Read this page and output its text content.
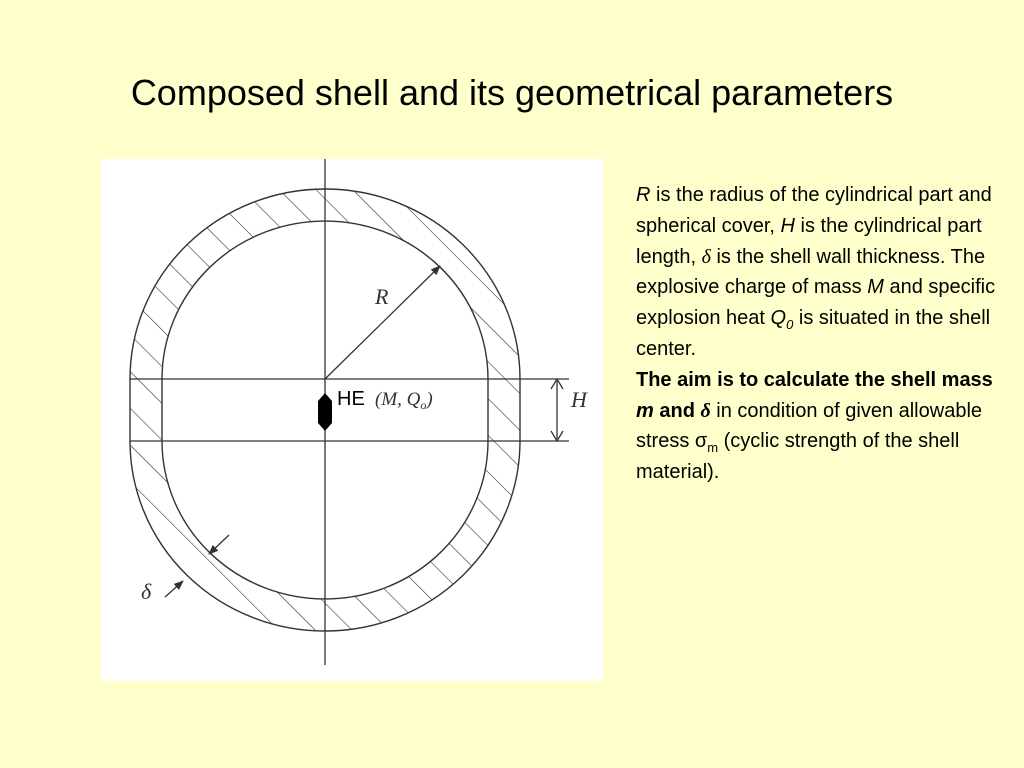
Composed shell and its geometrical parameters
R
H
δ
HE (M, $Q_o$)

R is the radius of the cylindrical part and spherical cover, H is the cylindrical part length, δ is the shell wall thickness. The explosive charge of mass M and specific explosion heat $Q_0$ is situated in the shell center.

The aim is to calculate the shell mass m and δ in condition of given allowable stress $\sigma_m$ (cyclic strength of the shell material).
